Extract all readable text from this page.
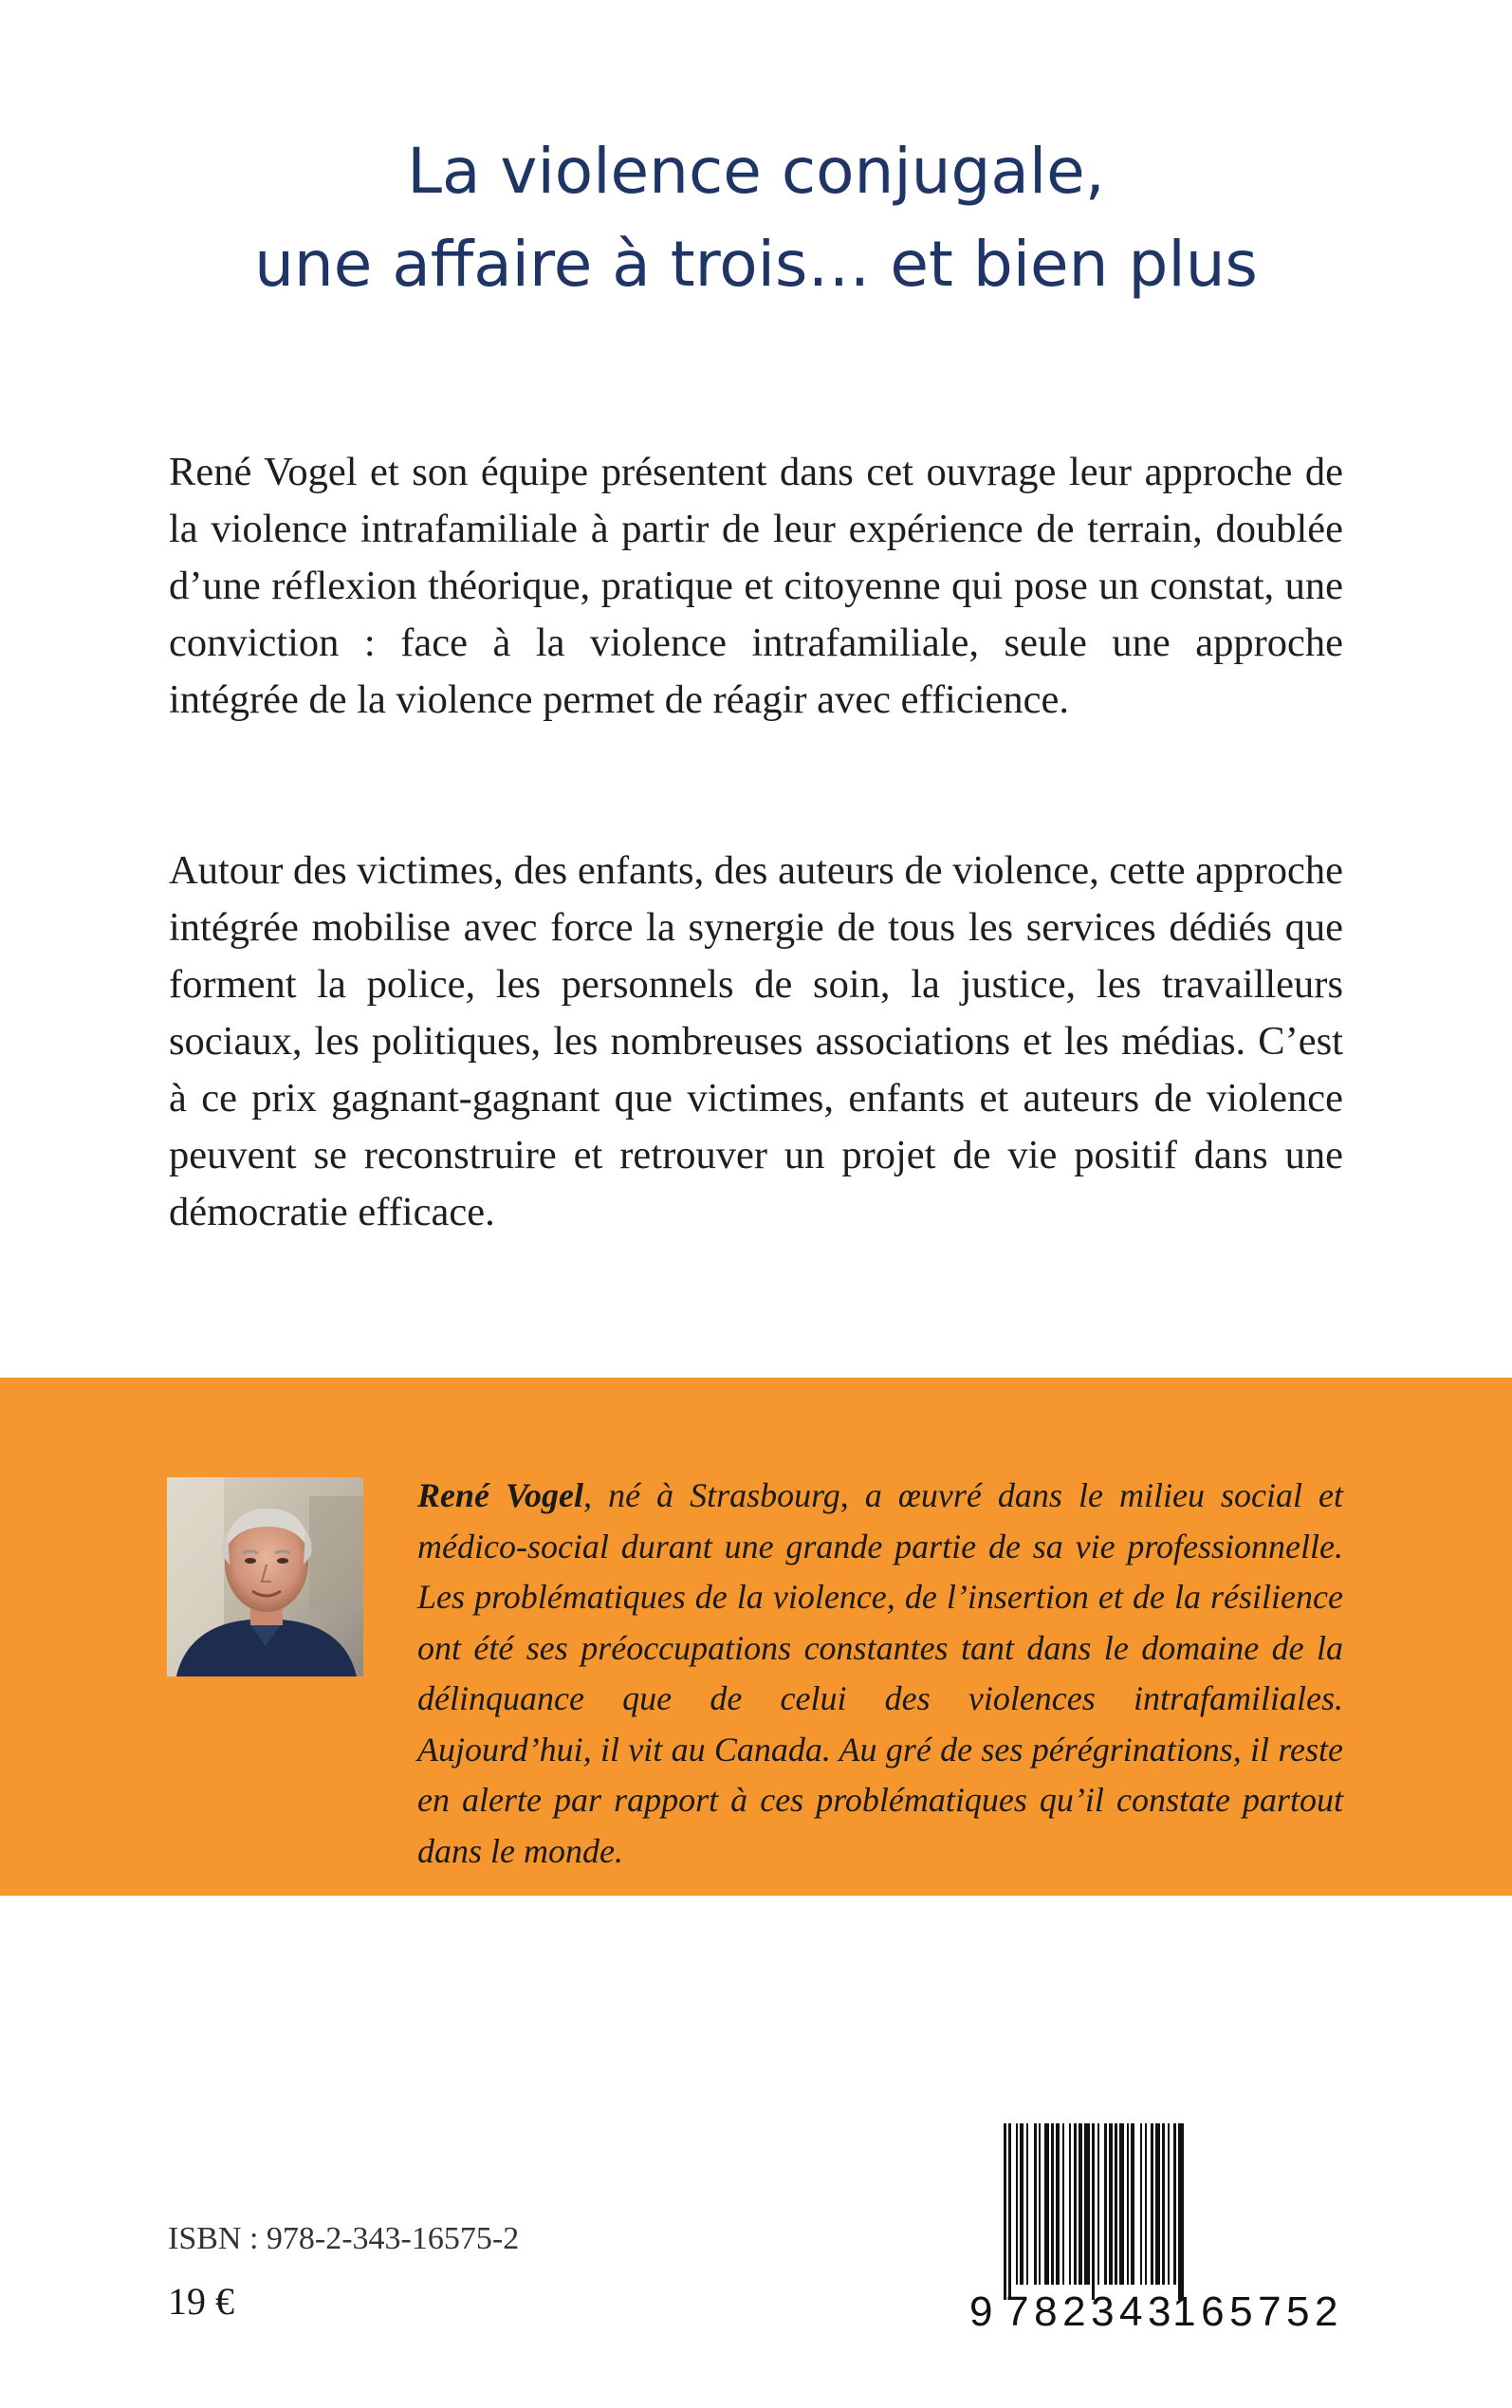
La violence conjugale,
une affaire à trois… et bien plus

René Vogel et son équipe présentent dans cet ouvrage leur approche de la violence intrafamiliale à partir de leur expérience de terrain, doublée d’une réflexion théorique, pratique et citoyenne qui pose un constat, une conviction : face à la violence intrafamiliale, seule une approche intégrée de la violence permet de réagir avec efficience.

Autour des victimes, des enfants, des auteurs de violence, cette approche intégrée mobilise avec force la synergie de tous les services dédiés que forment la police, les personnels de soin, la justice, les travailleurs sociaux, les politiques, les nombreuses associations et les médias. C’est à ce prix gagnant-gagnant que victimes, enfants et auteurs de violence peuvent se reconstruire et retrouver un projet de vie positif dans une démocratie efficace.

René Vogel, né à Strasbourg, a œuvré dans le milieu social et médico-social durant une grande partie de sa vie professionnelle. Les problématiques de la violence, de l’insertion et de la résilience ont été ses préoccupations constantes tant dans le domaine de la délinquance que de celui des violences intrafamiliales. Aujourd’hui, il vit au Canada. Au gré de ses pérégrinations, il reste en alerte par rapport à ces problématiques qu’il constate partout dans le monde.

ISBN : 978-2-343-16575-2

19 €	9 782343
165752
